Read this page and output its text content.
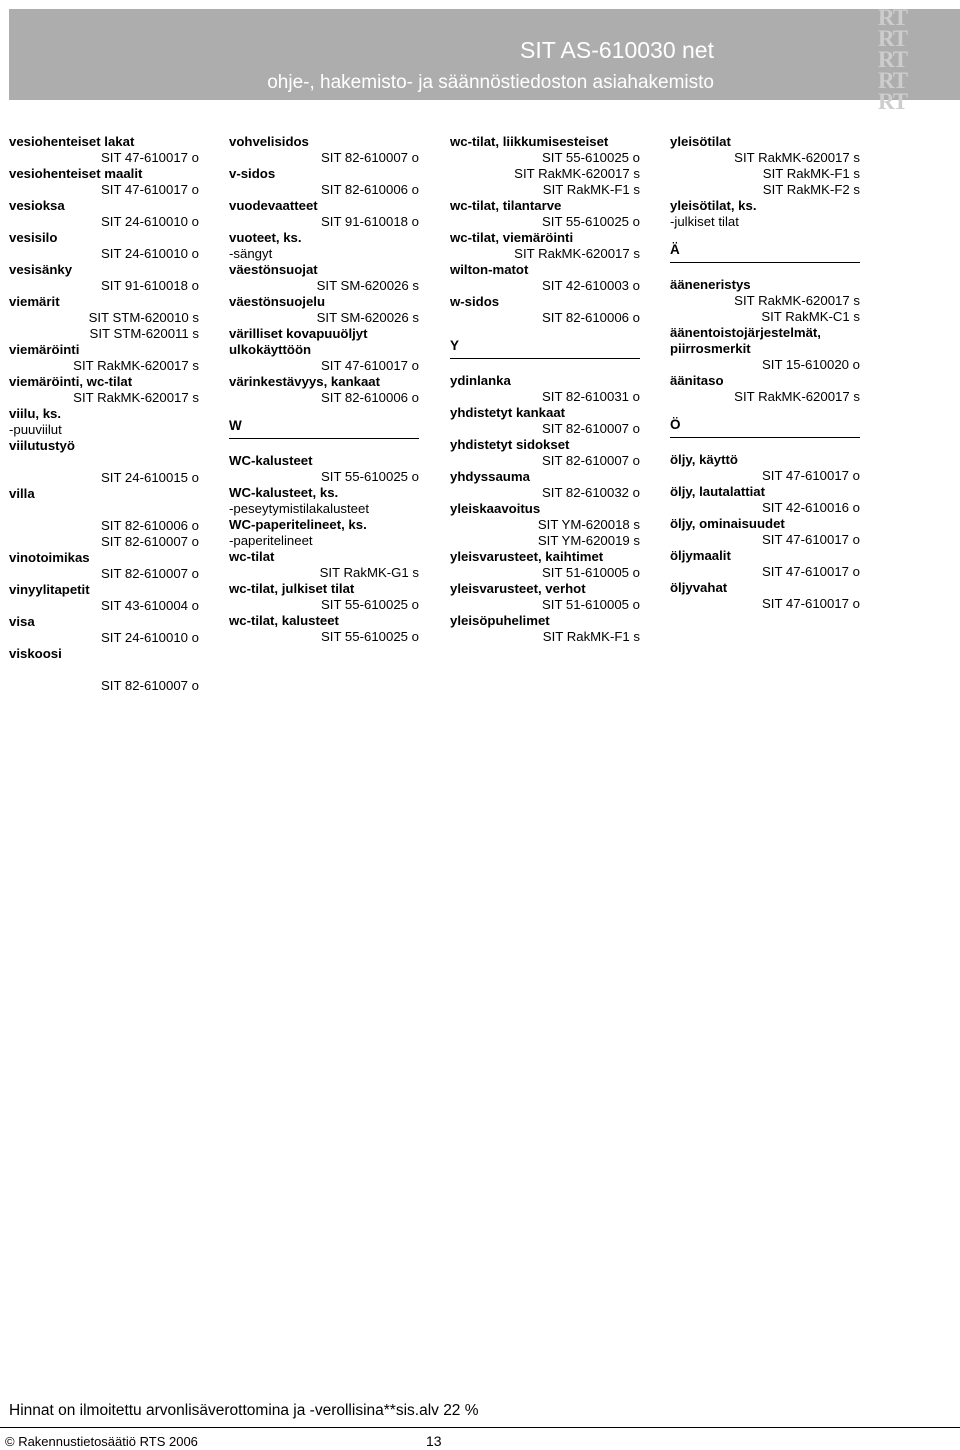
SIT AS-610030 net
ohje-, hakemisto- ja säännöstiedoston asiahakemisto
RT
RT
RT
RT
RT
vesiohenteiset lakat
SIT 47-610017 o
vesiohenteiset maalit
SIT 47-610017 o
vesioksa
SIT 24-610010 o
vesisilo
SIT 24-610010 o
vesisänky
SIT 91-610018 o
viemärit
SIT STM-620010 s
SIT STM-620011 s
viemäröinti
SIT RakMK-620017 s
viemäröinti, wc-tilat
SIT RakMK-620017 s
viilu, ks.
-puuviilut
viilutustyö
SIT 24-610015 o
villa
SIT 82-610006 o
SIT 82-610007 o
vinotoimikas
SIT 82-610007 o
vinyylitapetit
SIT 43-610004 o
visa
SIT 24-610010 o
viskoosi
SIT 82-610007 o
vohvelisidos
SIT 82-610007 o
v-sidos
SIT 82-610006 o
vuodevaatteet
SIT 91-610018 o
vuoteet, ks.
-sängyt
väestönsuojat
SIT SM-620026 s
väestönsuojelu
SIT SM-620026 s
värilliset kovapuuöljyt
ulkokäyttöön
SIT 47-610017 o
värinkestävyys, kankaat
SIT 82-610006 o
W
WC-kalusteet
SIT 55-610025 o
WC-kalusteet, ks.
-peseytymistilakalusteet
WC-paperitelineet, ks.
-paperitelineet
wc-tilat
SIT RakMK-G1 s
wc-tilat, julkiset tilat
SIT 55-610025 o
wc-tilat, kalusteet
SIT 55-610025 o
wc-tilat, liikkumisesteiset
SIT 55-610025 o
SIT RakMK-620017 s
SIT RakMK-F1 s
wc-tilat, tilantarve
SIT 55-610025 o
wc-tilat, viemäröinti
SIT RakMK-620017 s
wilton-matot
SIT 42-610003 o
w-sidos
SIT 82-610006 o
Y
ydinlanka
SIT 82-610031 o
yhdistetyt kankaat
SIT 82-610007 o
yhdistetyt sidokset
SIT 82-610007 o
yhdyssauma
SIT 82-610032 o
yleiskaavoitus
SIT YM-620018 s
SIT YM-620019 s
yleisvarusteet, kaihtimet
SIT 51-610005 o
yleisvarusteet, verhot
SIT 51-610005 o
yleisöpuhelimet
SIT RakMK-F1 s
yleisötilat
SIT RakMK-620017 s
SIT RakMK-F1 s
SIT RakMK-F2 s
yleisötilat, ks.
-julkiset tilat
Ä
ääneneristys
SIT RakMK-620017 s
SIT RakMK-C1 s
äänentoistojärjestelmät,
piirrosmerkit
SIT 15-610020 o
äänitaso
SIT RakMK-620017 s
Ö
öljy, käyttö
SIT 47-610017 o
öljy, lautalattiat
SIT 42-610016 o
öljy, ominaisuudet
SIT 47-610017 o
öljymaalit
SIT 47-610017 o
öljyvahat
SIT 47-610017 o
Hinnat on ilmoitettu arvonlisäverottomina ja -verollisina**sis.alv 22 %
© Rakennustietosäätiö RTS 2006	13
